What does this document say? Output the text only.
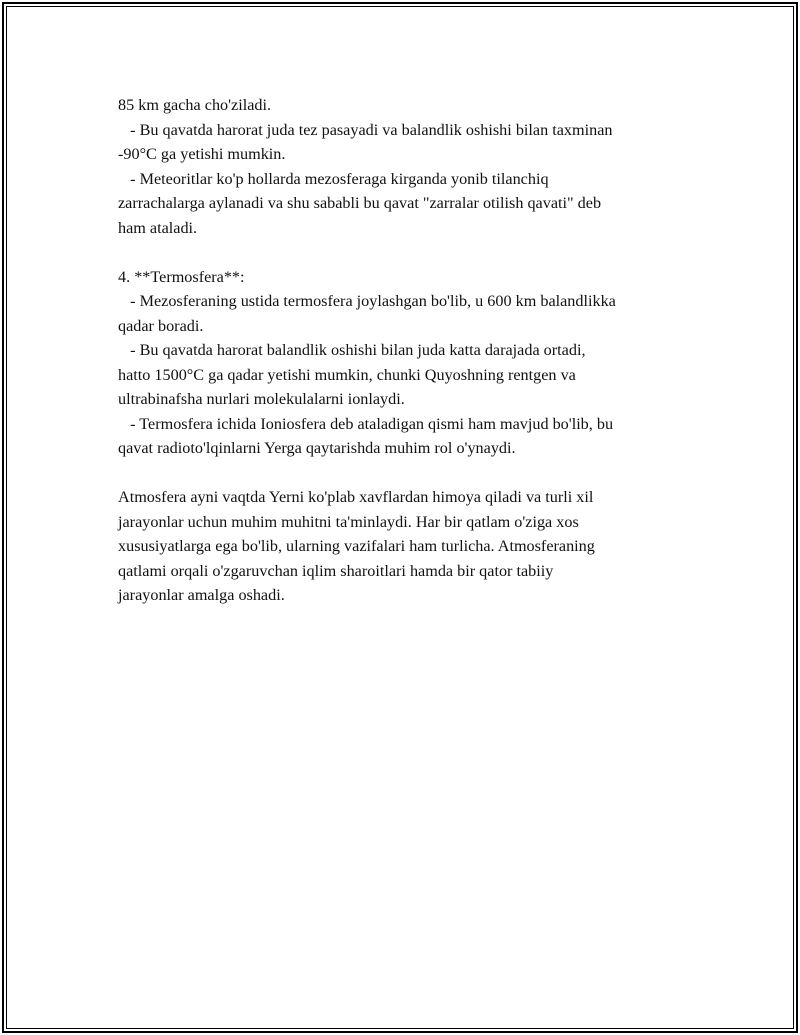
85 km gacha cho'ziladi.
- Bu qavatda harorat juda tez pasayadi va balandlik oshishi bilan taxminan
-90°C ga yetishi mumkin.
- Meteoritlar ko'p hollarda mezosferaga kirganda yonib tilanchiq
zarrachalarga aylanadi va shu sababli bu qavat "zarralar otilish qavati" deb
ham ataladi.
4. **Termosfera**:
- Mezosferaning ustida termosfera joylashgan bo'lib, u 600 km balandlikka
qadar boradi.
- Bu qavatda harorat balandlik oshishi bilan juda katta darajada ortadi,
hatto 1500°C ga qadar yetishi mumkin, chunki Quyoshning rentgen va
ultrabinafsha nurlari molekulalarni ionlaydi.
- Termosfera ichida Ioniosfera deb ataladigan qismi ham mavjud bo'lib, bu
qavat radioto'lqinlarni Yerga qaytarishda muhim rol o'ynaydi.
Atmosfera ayni vaqtda Yerni ko'plab xavflardan himoya qiladi va turli xil
jarayonlar uchun muhim muhitni ta'minlaydi. Har bir qatlam o'ziga xos
xususiyatlarga ega bo'lib, ularning vazifalari ham turlicha. Atmosferaning
qatlami orqali o'zgaruvchan iqlim sharoitlari hamda bir qator tabiiy
jarayonlar amalga oshadi.
